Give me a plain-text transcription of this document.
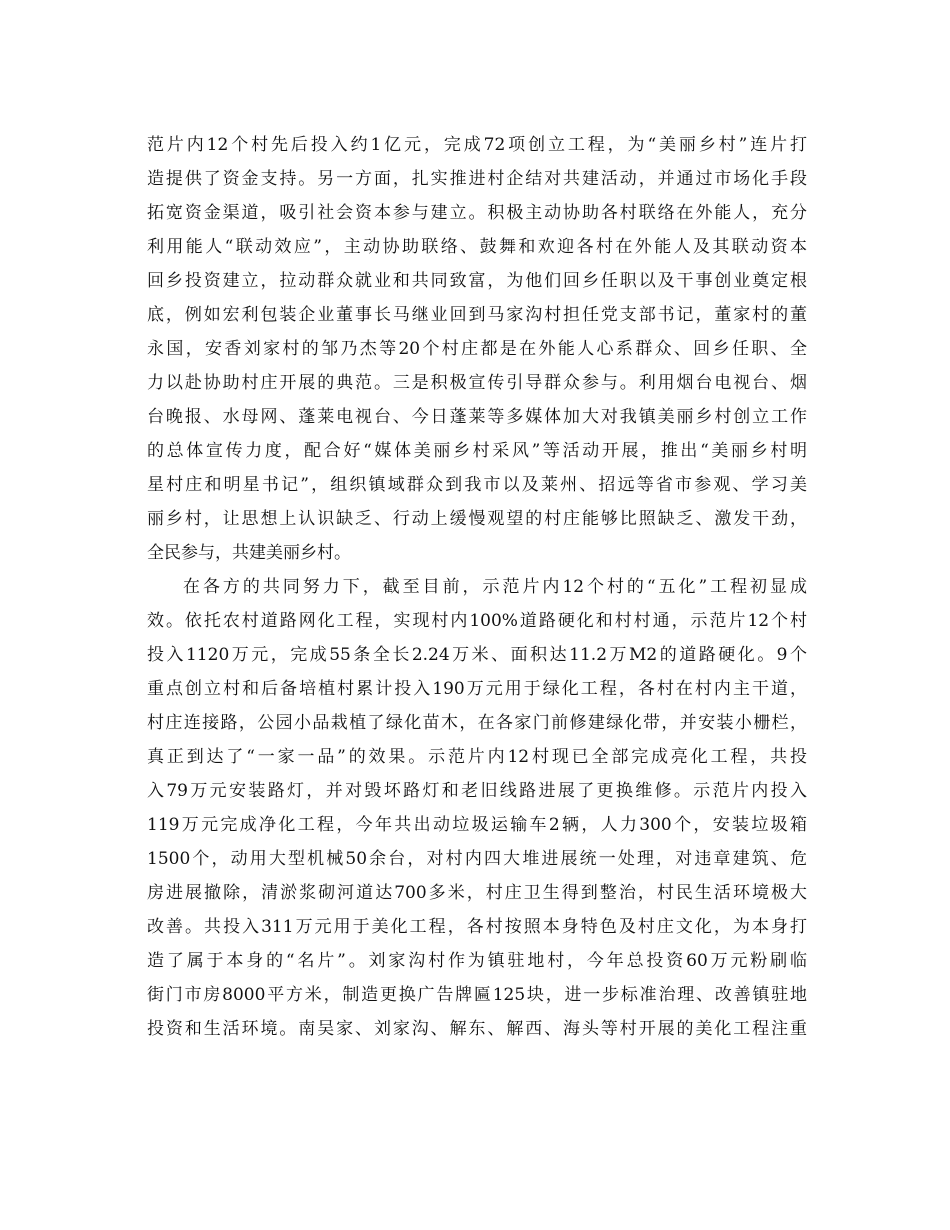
范片内12个村先后投入约1亿元，完成72项创立工程，为“美丽乡村”连片打
造提供了资金支持。另一方面，扎实推进村企结对共建活动，并通过市场化手段
拓宽资金渠道，吸引社会资本参与建立。积极主动协助各村联络在外能人，充分
利用能人“联动效应”，主动协助联络、鼓舞和欢迎各村在外能人及其联动资本
回乡投资建立，拉动群众就业和共同致富，为他们回乡任职以及干事创业奠定根
底，例如宏利包装企业董事长马继业回到马家沟村担任党支部书记，董家村的董
永国，安香刘家村的邹乃杰等20个村庄都是在外能人心系群众、回乡任职、全
力以赴协助村庄开展的典范。三是积极宣传引导群众参与。利用烟台电视台、烟
台晚报、水母网、蓬莱电视台、今日蓬莱等多媒体加大对我镇美丽乡村创立工作
的总体宣传力度，配合好“媒体美丽乡村采风”等活动开展，推出“美丽乡村明
星村庄和明星书记”，组织镇域群众到我市以及莱州、招远等省市参观、学习美
丽乡村，让思想上认识缺乏、行动上缓慢观望的村庄能够比照缺乏、激发干劲，
全民参与，共建美丽乡村。
在各方的共同努力下，截至目前，示范片内12个村的“五化”工程初显成
效。依托农村道路网化工程，实现村内100%道路硬化和村村通，示范片12个村
投入1120万元，完成55条全长2.24万米、面积达11.2万M2的道路硬化。9个
重点创立村和后备培植村累计投入190万元用于绿化工程，各村在村内主干道，
村庄连接路，公园小品栽植了绿化苗木，在各家门前修建绿化带，并安装小栅栏，
真正到达了“一家一品”的效果。示范片内12村现已全部完成亮化工程，共投
入79万元安装路灯，并对毁坏路灯和老旧线路进展了更换维修。示范片内投入
119万元完成净化工程，今年共出动垃圾运输车2辆，人力300个，安装垃圾箱
1500个，动用大型机械50余台，对村内四大堆进展统一处理，对违章建筑、危
房进展撤除，清淤浆砌河道达700多米，村庄卫生得到整治，村民生活环境极大
改善。共投入311万元用于美化工程，各村按照本身特色及村庄文化，为本身打
造了属于本身的“名片”。刘家沟村作为镇驻地村，今年总投资60万元粉刷临
街门市房8000平方米，制造更换广告牌匾125块，进一步标准治理、改善镇驻地
投资和生活环境。南吴家、刘家沟、解东、解西、海头等村开展的美化工程注重
